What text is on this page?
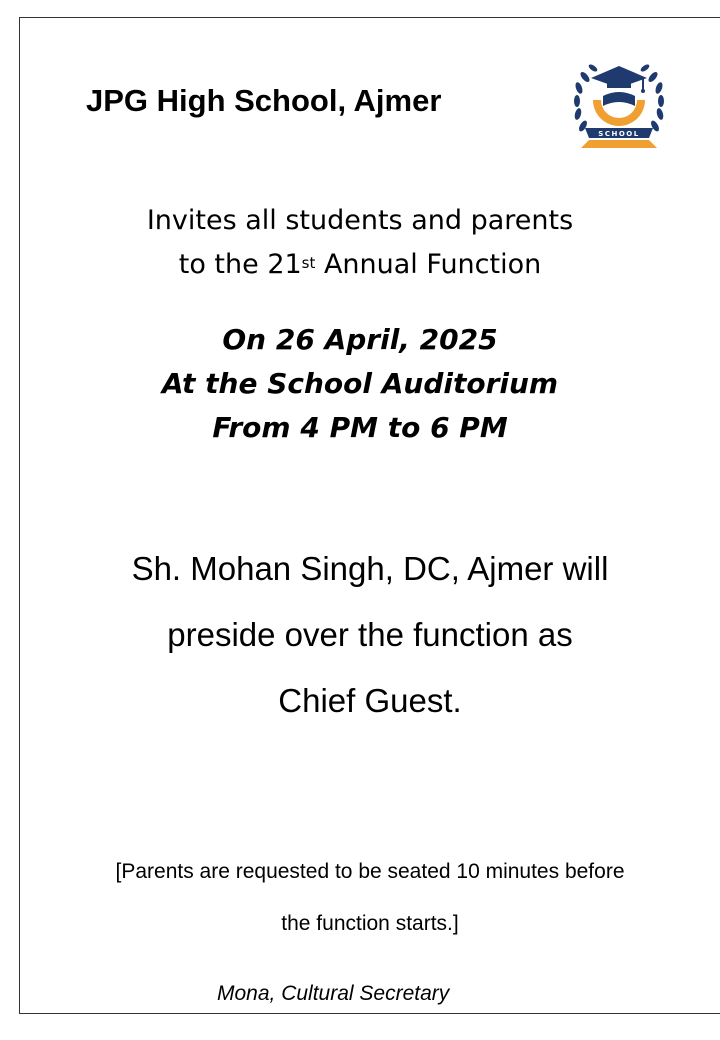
JPG High School, Ajmer
SCHOOL
Invites all students and parents
to the 21st Annual Function
On 26 April, 2025
At the School Auditorium
From 4 PM to 6 PM
Sh. Mohan Singh, DC, Ajmer will
preside over the function as
Chief Guest.
[Parents are requested to be seated 10 minutes before
the function starts.]
Mona, Cultural Secretary
